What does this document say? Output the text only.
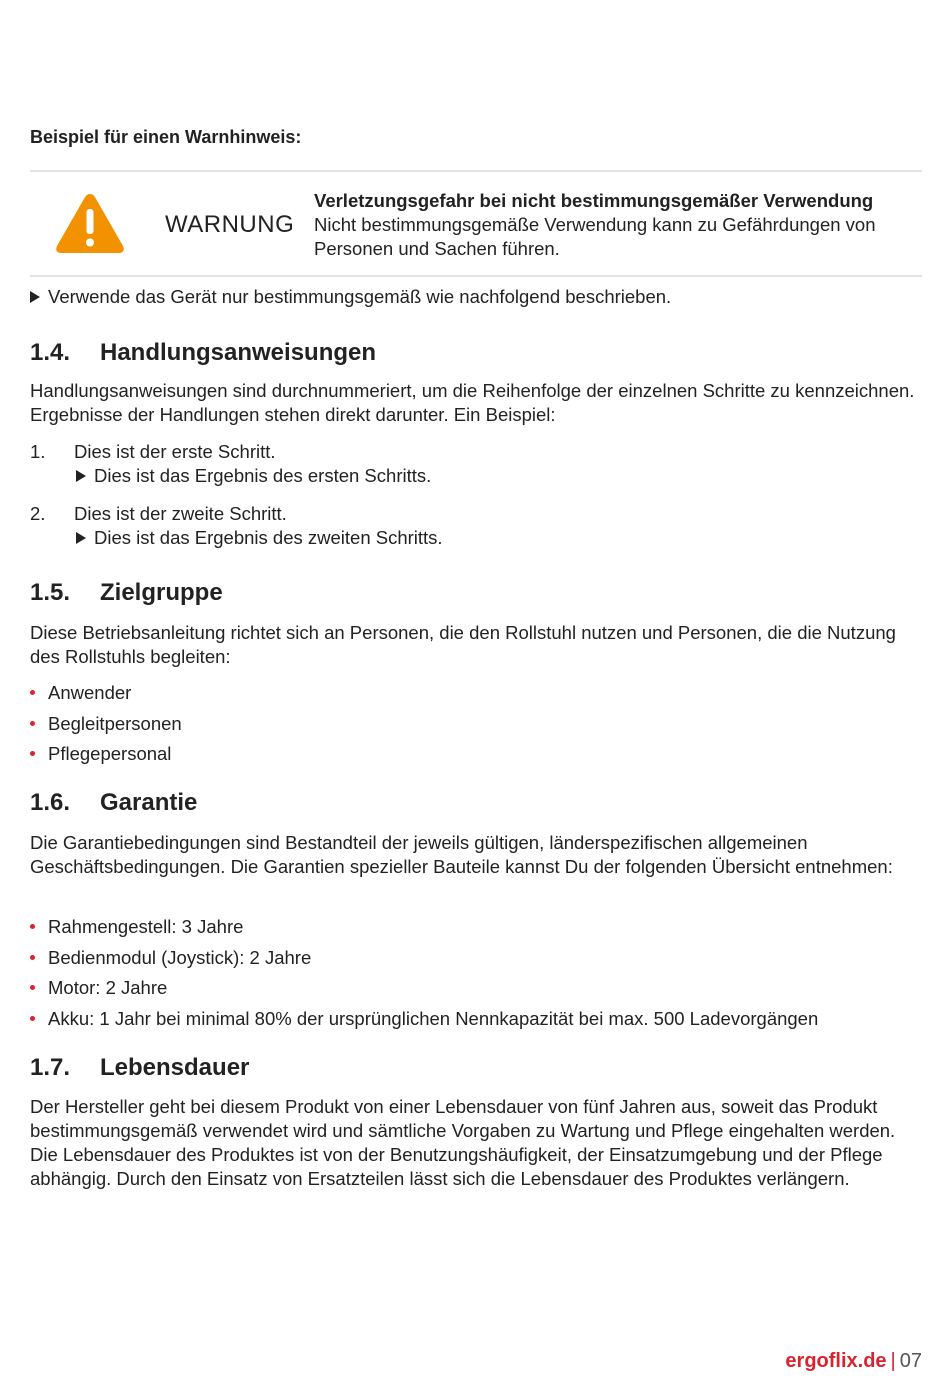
Beispiel für einen Warnhinweis:
WARNUNG
Verletzungsgefahr bei nicht bestimmungsgemäßer Verwendung
Nicht bestimmungsgemäße Verwendung kann zu Gefährdungen von Personen und Sachen führen.
Verwende das Gerät nur bestimmungsgemäß wie nachfolgend beschrieben.
1.4. Handlungsanweisungen
Handlungsanweisungen sind durchnummeriert, um die Reihenfolge der einzelnen Schritte zu kennzeichnen. Ergebnisse der Handlungen stehen direkt darunter. Ein Beispiel:
1. Dies ist der erste Schritt.
Dies ist das Ergebnis des ersten Schritts.
2. Dies ist der zweite Schritt.
Dies ist das Ergebnis des zweiten Schritts.
1.5. Zielgruppe
Diese Betriebsanleitung richtet sich an Personen, die den Rollstuhl nutzen und Personen, die die Nutzung des Rollstuhls begleiten:
Anwender
Begleitpersonen
Pflegepersonal
1.6. Garantie
Die Garantiebedingungen sind Bestandteil der jeweils gültigen, länderspezifischen allgemeinen Geschäftsbedingungen. Die Garantien spezieller Bauteile kannst Du der folgenden Übersicht entnehmen:
Rahmengestell: 3 Jahre
Bedienmodul (Joystick): 2 Jahre
Motor: 2 Jahre
Akku: 1 Jahr bei minimal 80% der ursprünglichen Nennkapazität bei max. 500 Ladevorgängen
1.7. Lebensdauer
Der Hersteller geht bei diesem Produkt von einer Lebensdauer von fünf Jahren aus, soweit das Produkt bestimmungsgemäß verwendet wird und sämtliche Vorgaben zu Wartung und Pflege eingehalten werden. Die Lebensdauer des Produktes ist von der Benutzungshäufigkeit, der Einsatzumgebung und der Pflege abhängig. Durch den Einsatz von Ersatzteilen lässt sich die Lebensdauer des Produktes verlängern.
ergoflix.de | 07
